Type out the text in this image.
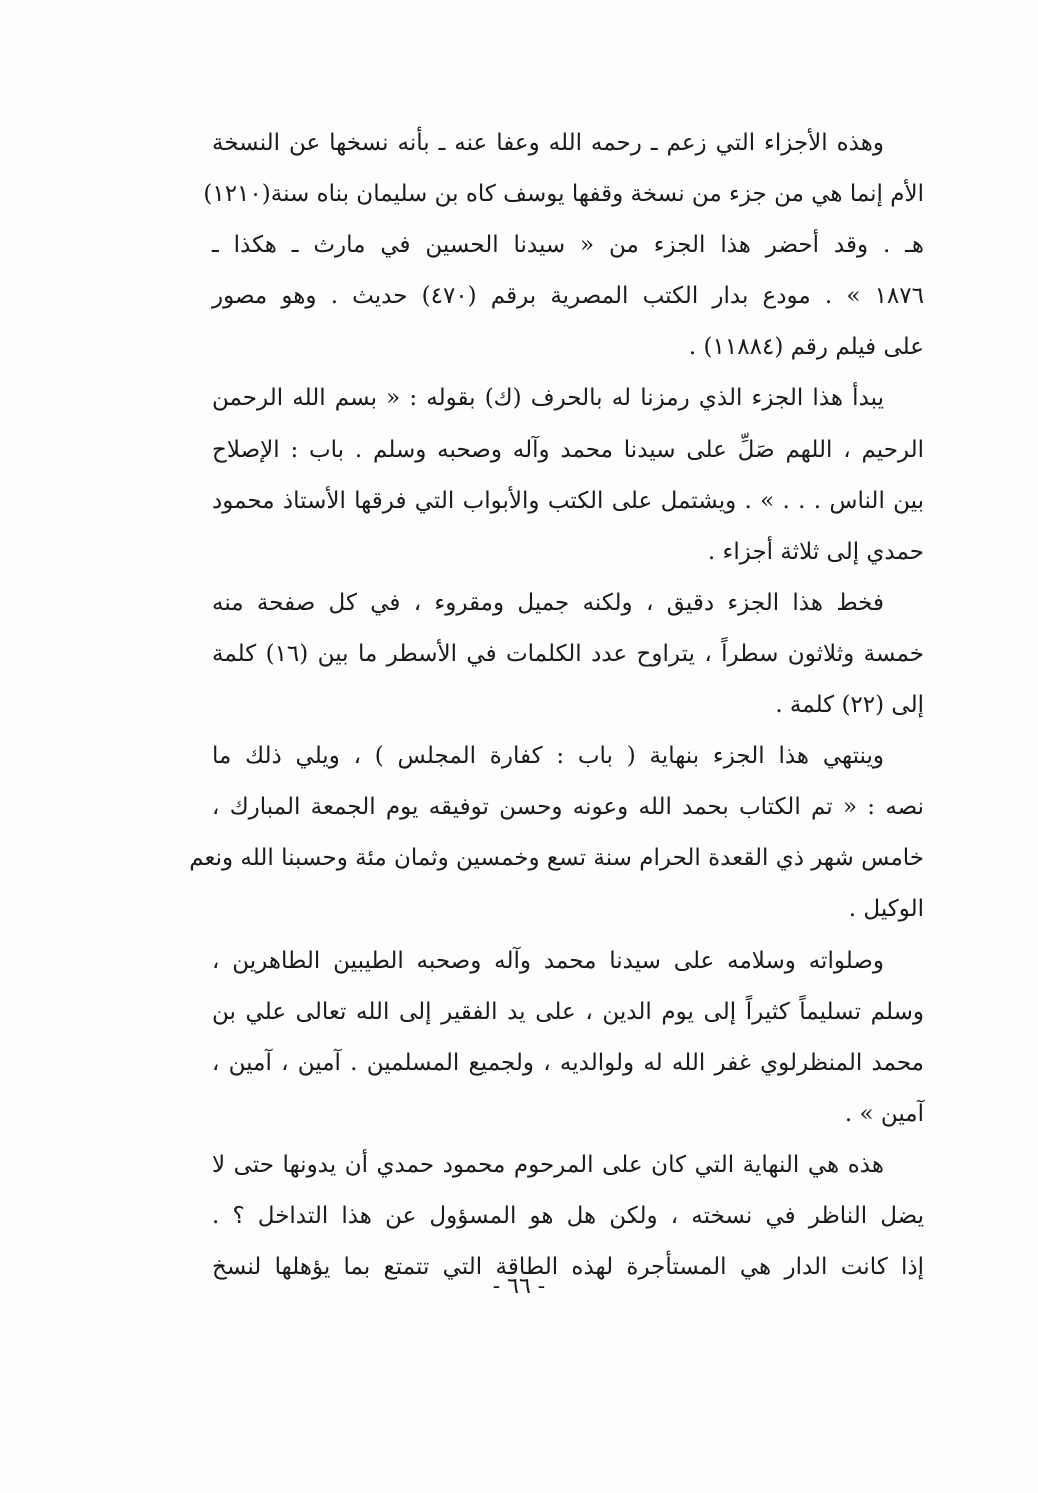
وهذه الأجزاء التي زعم ـ رحمه الله وعفا عنه ـ بأنه نسخها عن النسخة
الأم إنما هي من جزء من نسخة وقفها يوسف كاه بن سليمان بناه سنة(١٢١٠)
هـ . وقد أحضر هذا الجزء من « سيدنا الحسين في مارث ـ هكذا ـ
١٨٧٦ » . مودع بدار الكتب المصرية برقم (٤٧٠) حديث . وهو مصور
على فيلم رقم (١١٨٨٤) .
يبدأ هذا الجزء الذي رمزنا له بالحرف (ك) بقوله : « بسم الله الرحمن
الرحيم ، اللهم صَلِّ على سيدنا محمد وآله وصحبه وسلم . باب : الإصلاح
بين الناس . . . » . ويشتمل على الكتب والأبواب التي فرقها الأستاذ محمود
حمدي إلى ثلاثة أجزاء .
فخط هذا الجزء دقيق ، ولكنه جميل ومقروء ، في كل صفحة منه
خمسة وثلاثون سطراً ، يتراوح عدد الكلمات في الأسطر ما بين (١٦) كلمة
إلى (٢٢) كلمة .
وينتهي هذا الجزء بنهاية ( باب : كفارة المجلس ) ، ويلي ذلك ما
نصه : « تم الكتاب بحمد الله وعونه وحسن توفيقه يوم الجمعة المبارك ،
خامس شهر ذي القعدة الحرام سنة تسع وخمسين وثمان مئة وحسبنا الله ونعم
الوكيل .
وصلواته وسلامه على سيدنا محمد وآله وصحبه الطيبين الطاهرين ،
وسلم تسليماً كثيراً إلى يوم الدين ، على يد الفقير إلى الله تعالى علي بن
محمد المنظرلوي غفر الله له ولوالديه ، ولجميع المسلمين . آمين ، آمين ،
آمين » .
هذه هي النهاية التي كان على المرحوم محمود حمدي أن يدونها حتى لا
يضل الناظر في نسخته ، ولكن هل هو المسؤول عن هذا التداخل ؟ .
إذا كانت الدار هي المستأجرة لهذه الطاقة التي تتمتع بما يؤهلها لنسخ
- ٦٦ -
